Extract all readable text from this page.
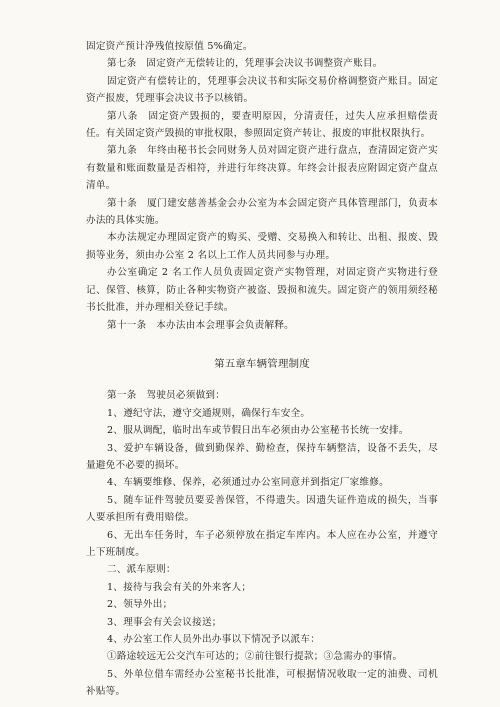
固定资产预计净残值按原值 5%确定。

第七条　固定资产无偿转让的，凭理事会决议书调整资产账目。

固定资产有偿转让的，凭理事会决议书和实际交易价格调整资产账目。固定资产报废，凭理事会决议书予以核销。

第八条　固定资产毁损的，要查明原因，分清责任，过失人应承担赔偿责任。有关固定资产毁损的审批权限，参照固定资产转让、报废的审批权限执行。

第九条　年终由秘书长会同财务人员对固定资产进行盘点，查清固定资产实有数量和账面数量是否相符，并进行年终决算。年终会计报表应附固定资产盘点清单。

第十条　厦门建安慈善基金会办公室为本会固定资产具体管理部门，负责本办法的具体实施。

本办法规定办理固定资产的购买、受赠、交易换入和转让、出租、报废、毁损等业务，须由办公室 2 名以上工作人员共同参与办理。

办公室确定 2 名工作人员负责固定资产实物管理，对固定资产实物进行登记、保管、核算，防止各种实物资产被盗、毁损和流失。固定资产的领用须经秘书长批准，并办理相关登记手续。

第十一条　本办法由本会理事会负责解释。

第五章车辆管理制度

第一条　驾驶员必须做到：

1、遵纪守法，遵守交通规则，确保行车安全。

2、服从调配，临时出车或节假日出车必须由办公室秘书长统一安排。

3、爱护车辆设备，做到勤保养、勤检查，保持车辆整洁，设备不丢失，尽量避免不必要的损坏。

4、车辆要维修、保养，必须通过办公室同意并到指定厂家维修。

5、随车证件驾驶员要妥善保管，不得遗失。因遗失证件造成的损失，当事人要承担所有费用赔偿。

6、无出车任务时，车子必须停放在指定车库内。本人应在办公室，并遵守上下班制度。

二、派车原则：

1、接待与我会有关的外来客人；

2、领导外出；

3、理事会有关会议接送；

4、办公室工作人员外出办事以下情况予以派车：

①路途较远无公交汽车可达的；②前往银行提款；③急需办的事情。

5、外单位借车需经办公室秘书长批准，可根据情况收取一定的油费、司机补贴等。
